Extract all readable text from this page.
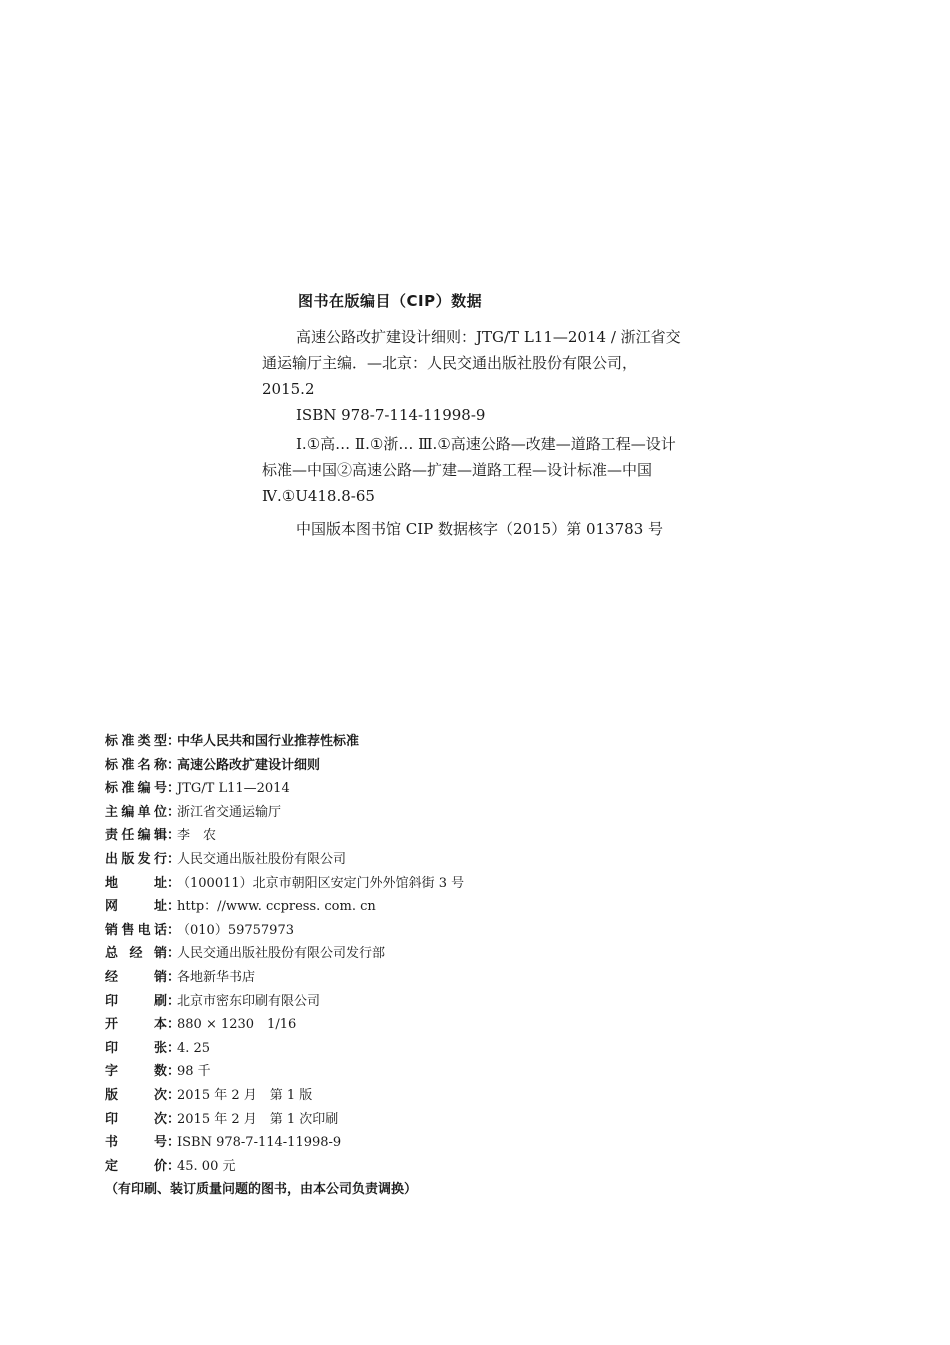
图书在版编目（CIP）数据

高速公路改扩建设计细则：JTG/T L11—2014 / 浙江省交通运输厅主编．—北京：人民交通出版社股份有限公司，2015.2

ISBN 978-7-114-11998-9

Ⅰ.①高… Ⅱ.①浙… Ⅲ.①高速公路—改建—道路工程—设计标准—中国②高速公路—扩建—道路工程—设计标准—中国 Ⅳ.①U418.8-65

中国版本图书馆 CIP 数据核字（2015）第 013783 号

标 准 类 型 ：
中华人民共和国行业推荐性标准
标 准 名 称 ：
高速公路改扩建设计细则
标 准 编 号 ：
JTG/T L11—2014
主 编 单 位 ：
浙江省交通运输厅
责 任 编 辑 ：
李　农
出 版 发 行 ：
人民交通出版社股份有限公司
地	址 ：
（100011）北京市朝阳区安定门外外馆斜街 3 号
网	址 ：
http：//www. ccpress. com. cn
销 售 电 话 ：
（010）59757973
总 经 销 ：
人民交通出版社股份有限公司发行部
经	销 ：
各地新华书店
印	刷 ：
北京市密东印刷有限公司
开	本 ：
880 × 1230　1/16
印	张 ：
4. 25
字	数 ：
98 千
版	次 ：
2015 年 2 月　第 1 版
印	次 ：
2015 年 2 月　第 1 次印刷
书	号 ：
ISBN 978-7-114-11998-9
定	价 ：
45. 00 元
（有印刷、装订质量问题的图书，由本公司负责调换）
